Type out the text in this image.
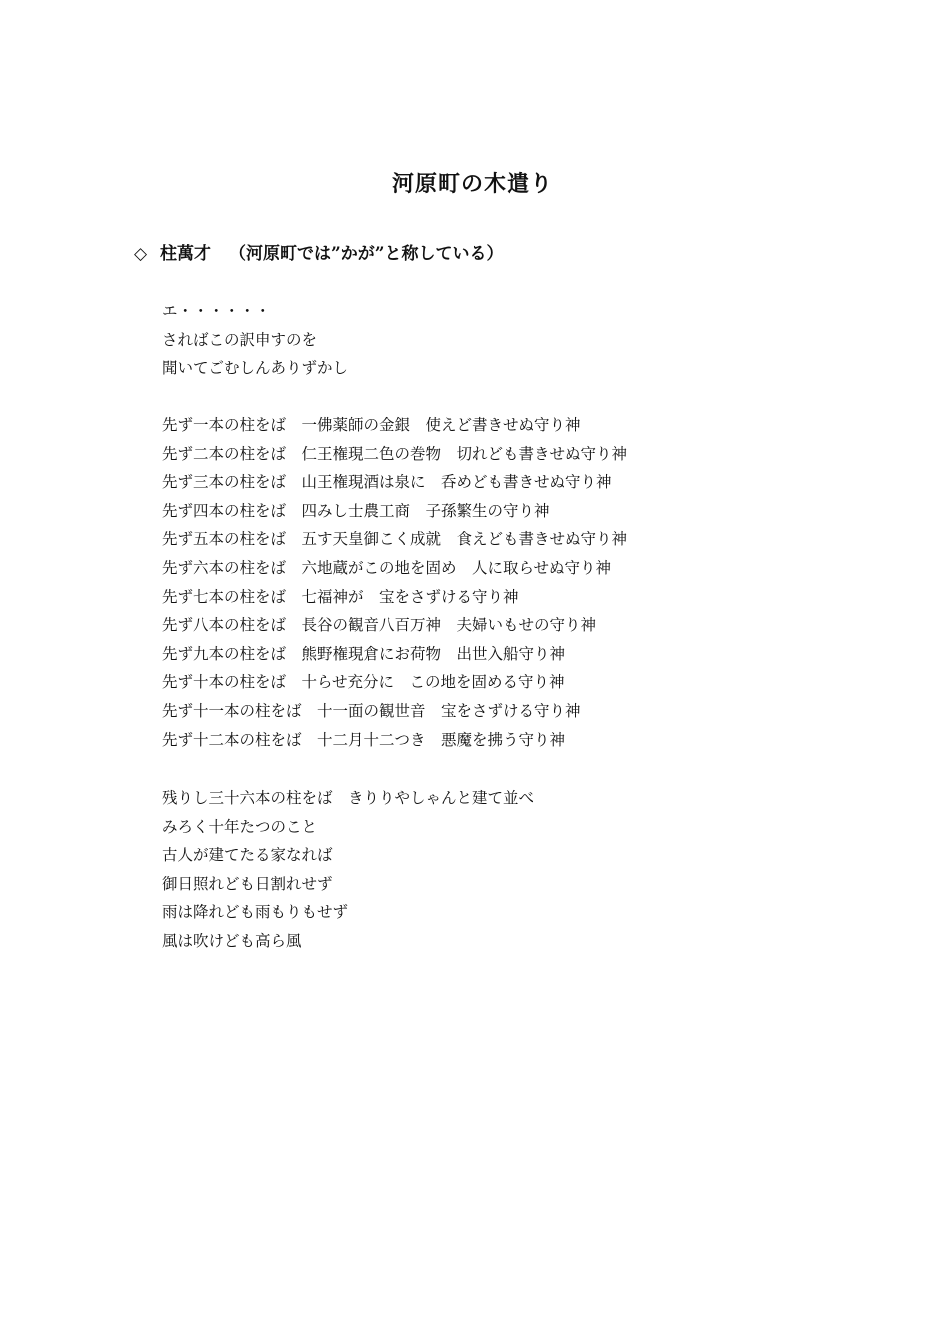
河原町の木遣り
◇ 柱萬才 （河原町では”かが”と称している）
エ・・・・・・
さればこの訳申すのを
聞いてごむしんありずかし
先ず一本の柱をば　一佛薬師の金銀　使えど書きせぬ守り神
先ず二本の柱をば　仁王権現二色の巻物　切れども書きせぬ守り神
先ず三本の柱をば　山王権現酒は泉に　呑めども書きせぬ守り神
先ず四本の柱をば　四みし士農工商　子孫繁生の守り神
先ず五本の柱をば　五す天皇御こく成就　食えども書きせぬ守り神
先ず六本の柱をば　六地蔵がこの地を固め　人に取らせぬ守り神
先ず七本の柱をば　七福神が　宝をさずける守り神
先ず八本の柱をば　長谷の観音八百万神　夫婦いもせの守り神
先ず九本の柱をば　熊野権現倉にお荷物　出世入船守り神
先ず十本の柱をば　十らせ充分に　この地を固める守り神
先ず十一本の柱をば　十一面の観世音　宝をさずける守り神
先ず十二本の柱をば　十二月十二つき　悪魔を拂う守り神
残りし三十六本の柱をば　きりりやしゃんと建て並べ
みろく十年たつのこと
古人が建てたる家なれば
御日照れども日割れせず
雨は降れども雨もりもせず
風は吹けども高ら風
